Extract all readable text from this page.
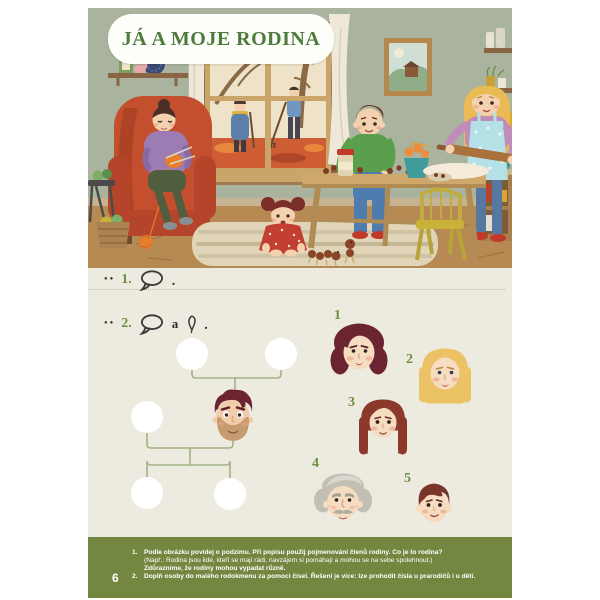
JÁ A MOJE RODINA
●● 1.	.
●● 2.	a .
1
2
3
4
5
6
1. Podle obrázku povídej o podzimu. Při popisu použij pojmenování členů rodiny. Co je to rodina?
(Např.: Rodina jsou lidé, kteří se mají rádi, navzájem si pomáhají a mohou se na sebe spolehnout.)
Zdůrazníme, že rodiny mohou vypadat různě.
2. Doplň osoby do malého rodokmenu za pomoci čísel. Řešení je více: lze prohodit čísla u prarodičů i u dětí.
